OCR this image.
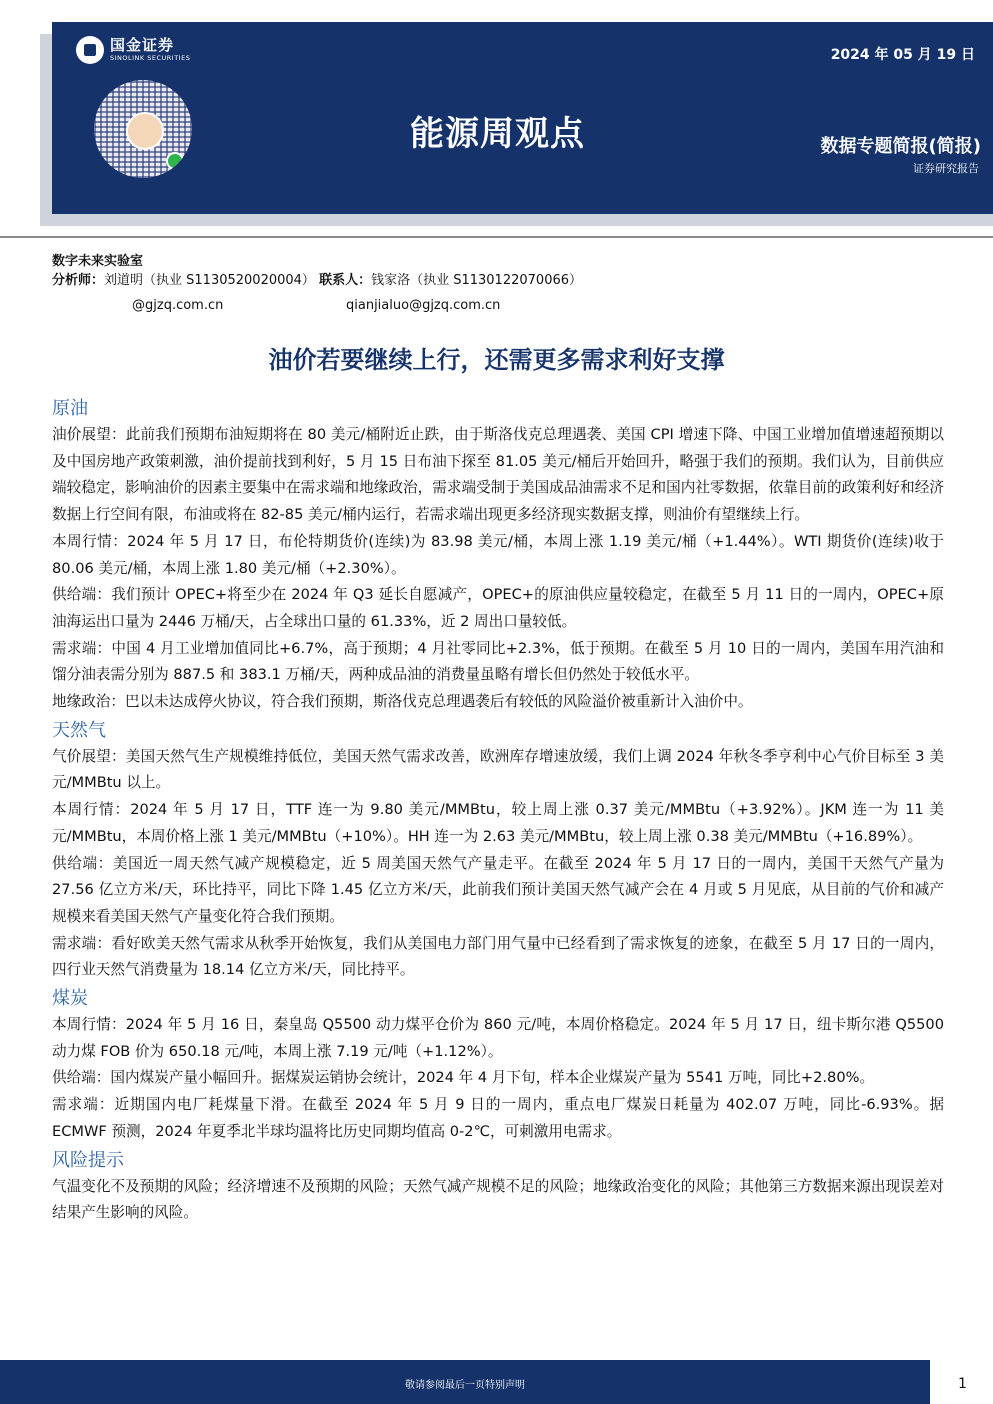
国金证券
SINOLINK SECURITIES	2024 年 05 月 19 日
能源周观点	数据专题简报(简报)
证券研究报告
数字未来实验室
分析师：刘道明（执业 S1130520020004） 联系人：钱家洛（执业 S1130122070066）
@gjzq.com.cn	qianjialuo@gjzq.com.cn
油价若要继续上行，还需更多需求利好支撑
原油
油价展望：此前我们预期布油短期将在 80 美元/桶附近止跌，由于斯洛伐克总理遇袭、美国 CPI 增速下降、中国工业增加值增速超预期以及中国房地产政策刺激，油价提前找到利好，5 月 15 日布油下探至 81.05 美元/桶后开始回升，略强于我们的预期。我们认为，目前供应端较稳定，影响油价的因素主要集中在需求端和地缘政治，需求端受制于美国成品油需求不足和国内社零数据，依靠目前的政策利好和经济数据上行空间有限，布油或将在 82-85 美元/桶内运行，若需求端出现更多经济现实数据支撑，则油价有望继续上行。
本周行情：2024 年 5 月 17 日，布伦特期货价(连续)为 83.98 美元/桶，本周上涨 1.19 美元/桶（+1.44%）。WTI 期货价(连续)收于 80.06 美元/桶，本周上涨 1.80 美元/桶（+2.30%）。
供给端：我们预计 OPEC+将至少在 2024 年 Q3 延长自愿减产，OPEC+的原油供应量较稳定，在截至 5 月 11 日的一周内，OPEC+原油海运出口量为 2446 万桶/天，占全球出口量的 61.33%，近 2 周出口量较低。
需求端：中国 4 月工业增加值同比+6.7%，高于预期；4 月社零同比+2.3%，低于预期。在截至 5 月 10 日的一周内，美国车用汽油和馏分油表需分别为 887.5 和 383.1 万桶/天，两种成品油的消费量虽略有增长但仍然处于较低水平。
地缘政治：巴以未达成停火协议，符合我们预期，斯洛伐克总理遇袭后有较低的风险溢价被重新计入油价中。
天然气
气价展望：美国天然气生产规模维持低位，美国天然气需求改善，欧洲库存增速放缓，我们上调 2024 年秋冬季亨利中心气价目标至 3 美元/MMBtu 以上。
本周行情：2024 年 5 月 17 日，TTF 连一为 9.80 美元/MMBtu，较上周上涨 0.37 美元/MMBtu（+3.92%）。JKM 连一为 11 美元/MMBtu，本周价格上涨 1 美元/MMBtu（+10%）。HH 连一为 2.63 美元/MMBtu，较上周上涨 0.38 美元/MMBtu（+16.89%）。
供给端：美国近一周天然气减产规模稳定，近 5 周美国天然气产量走平。在截至 2024 年 5 月 17 日的一周内，美国干天然气产量为 27.56 亿立方米/天，环比持平，同比下降 1.45 亿立方米/天，此前我们预计美国天然气减产会在 4 月或 5 月见底，从目前的气价和减产规模来看美国天然气产量变化符合我们预期。
需求端：看好欧美天然气需求从秋季开始恢复，我们从美国电力部门用气量中已经看到了需求恢复的迹象，在截至 5 月 17 日的一周内，四行业天然气消费量为 18.14 亿立方米/天，同比持平。
煤炭
本周行情：2024 年 5 月 16 日，秦皇岛 Q5500 动力煤平仓价为 860 元/吨，本周价格稳定。2024 年 5 月 17 日，纽卡斯尔港 Q5500 动力煤 FOB 价为 650.18 元/吨，本周上涨 7.19 元/吨（+1.12%）。
供给端：国内煤炭产量小幅回升。据煤炭运销协会统计，2024 年 4 月下旬，样本企业煤炭产量为 5541 万吨，同比+2.80%。
需求端：近期国内电厂耗煤量下滑。在截至 2024 年 5 月 9 日的一周内，重点电厂煤炭日耗量为 402.07 万吨，同比-6.93%。据 ECMWF 预测，2024 年夏季北半球均温将比历史同期均值高 0-2℃，可刺激用电需求。
风险提示
气温变化不及预期的风险；经济增速不及预期的风险；天然气减产规模不足的风险；地缘政治变化的风险；其他第三方数据来源出现误差对结果产生影响的风险。
敬请参阅最后一页特别声明	1
